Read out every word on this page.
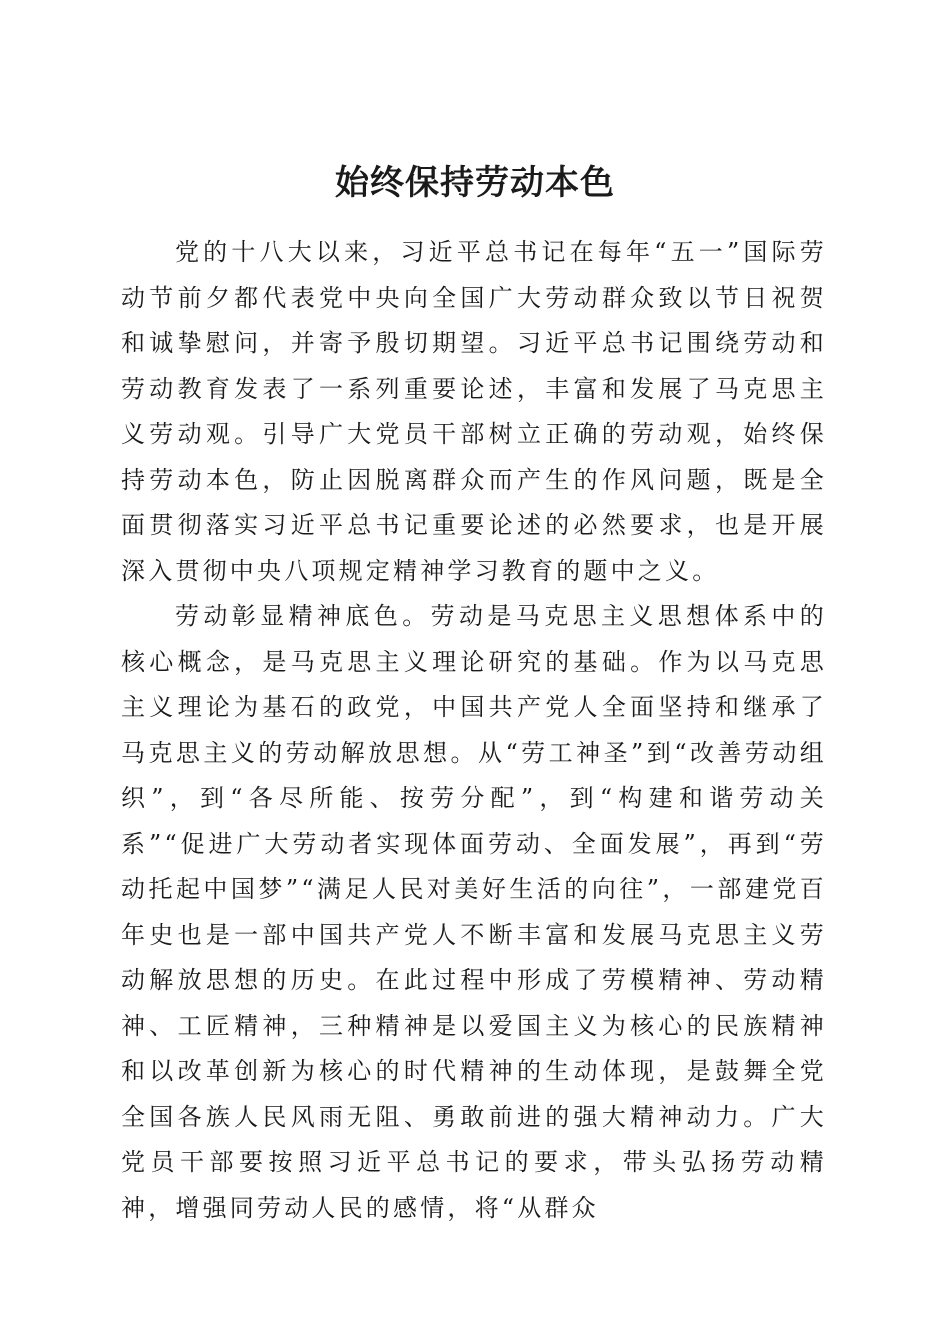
始终保持劳动本色

党的十八大以来，习近平总书记在每年“五一”国际劳动节前夕都代表党中央向全国广大劳动群众致以节日祝贺和诚挚慰问，并寄予殷切期望。习近平总书记围绕劳动和劳动教育发表了一系列重要论述，丰富和发展了马克思主义劳动观。引导广大党员干部树立正确的劳动观，始终保持劳动本色，防止因脱离群众而产生的作风问题，既是全面贯彻落实习近平总书记重要论述的必然要求，也是开展深入贯彻中央八项规定精神学习教育的题中之义。

劳动彰显精神底色。劳动是马克思主义思想体系中的核心概念，是马克思主义理论研究的基础。作为以马克思主义理论为基石的政党，中国共产党人全面坚持和继承了马克思主义的劳动解放思想。从“劳工神圣”到“改善劳动组织”，到“各尽所能、按劳分配”，到“构建和谐劳动关系”“促进广大劳动者实现体面劳动、全面发展”，再到“劳动托起中国梦”“满足人民对美好生活的向往”，一部建党百年史也是一部中国共产党人不断丰富和发展马克思主义劳动解放思想的历史。在此过程中形成了劳模精神、劳动精神、工匠精神，三种精神是以爱国主义为核心的民族精神和以改革创新为核心的时代精神的生动体现，是鼓舞全党全国各族人民风雨无阻、勇敢前进的强大精神动力。广大党员干部要按照习近平总书记的要求，带头弘扬劳动精神，增强同劳动人民的感情，将“从群众
